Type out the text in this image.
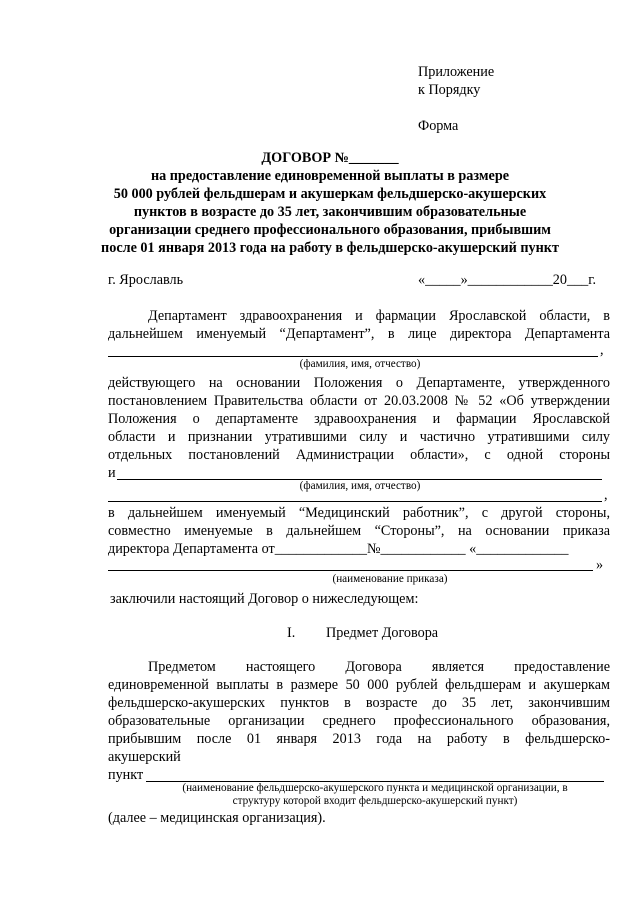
Приложение
к Порядку
Форма
ДОГОВОР №_______
на предоставление единовременной выплаты в размере
50 000 рублей фельдшерам и акушеркам фельдшерско-акушерских
пунктов в возрасте до 35 лет, закончившим образовательные
организации среднего профессионального образования, прибывшим
после 01 января 2013 года на работу в фельдшерско-акушерский пункт
г. Ярославль	«_____»____________20___г.
Департамент здравоохранения и фармации Ярославской области, в
дальнейшем именуемый “Департамент”, в лице директора Департамента
,
(фамилия, имя, отчество)
действующего на основании Положения о Департаменте, утвержденного
постановлением Правительства области от 20.03.2008 № 52 «Об утверждении
Положения о департаменте здравоохранения и фармации Ярославской
области и признании утратившими силу и частично утратившими силу
отдельных постановлений Администрации области», с одной стороны
и
(фамилия, имя, отчество)
,
в дальнейшем именуемый “Медицинский работник”, с другой стороны,
совместно именуемые в дальнейшем “Стороны”, на основании приказа
директора Департамента от_____________№____________ «_____________
»
(наименование приказа)
заключили настоящий Договор о нижеследующем:
I. Предмет Договора
Предметом настоящего Договора является предоставление
единовременной выплаты в размере 50 000 рублей фельдшерам и акушеркам
фельдшерско-акушерских пунктов в возрасте до 35 лет, закончившим
образовательные организации среднего профессионального образования,
прибывшим после 01 января 2013 года на работу в фельдшерско-
акушерский
пункт
(наименование фельдшерско-акушерского пункта и медицинской организации, в
структуру которой входит фельдшерско-акушерский пункт)
(далее – медицинская организация).
